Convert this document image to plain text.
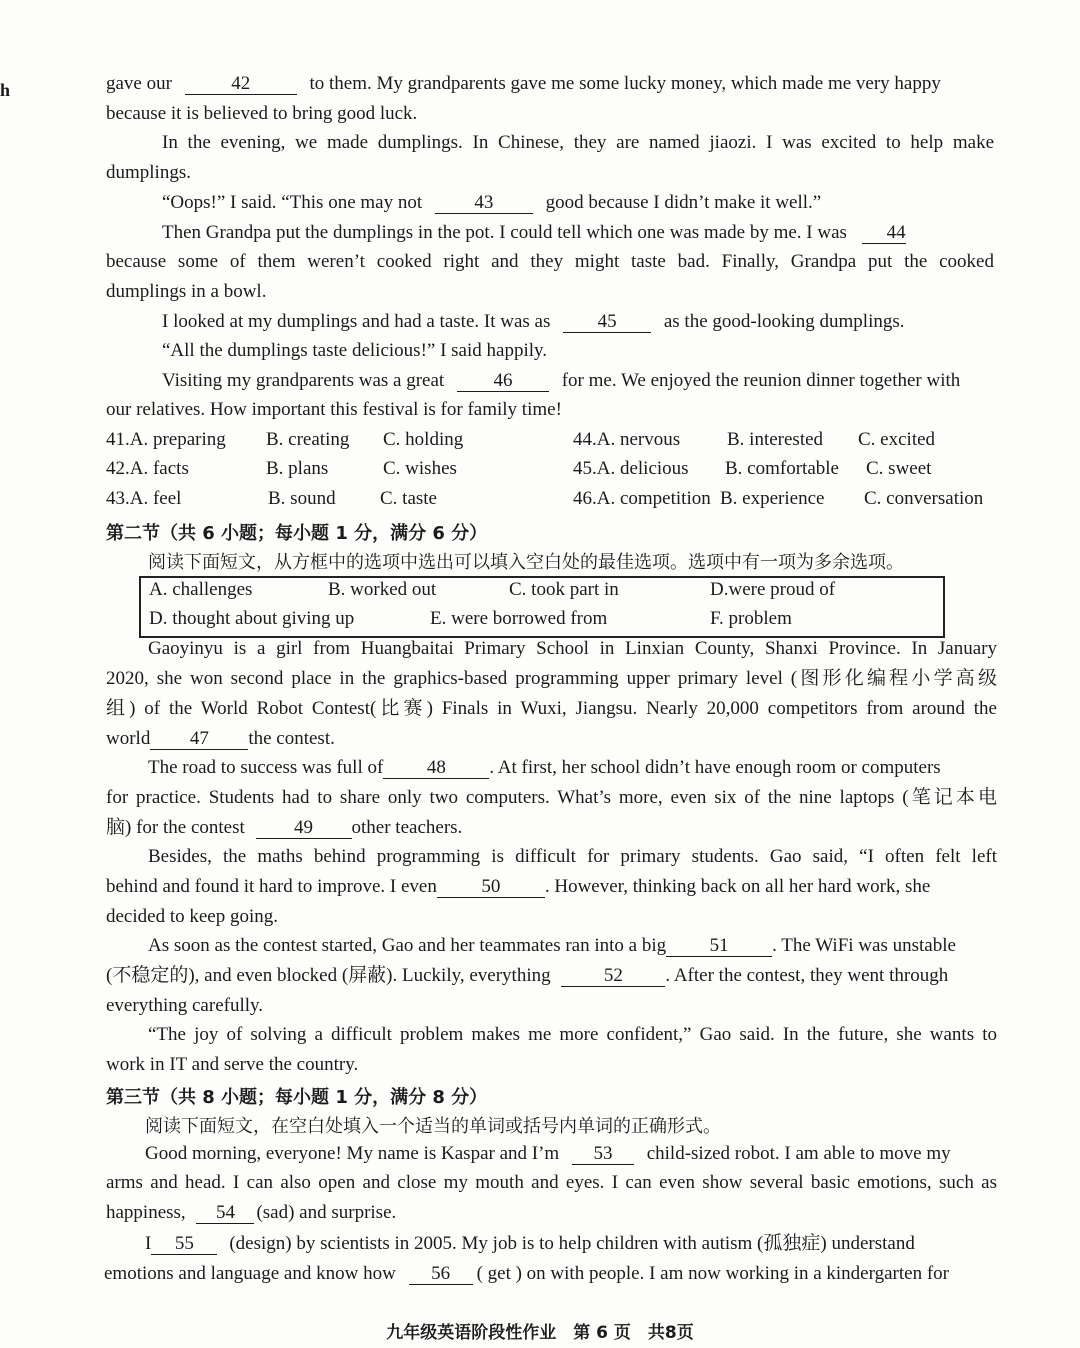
h	gave our	42	to them. My grandparents gave me some lucky money, which made me very happy
because it is believed to bring good luck.
In the evening, we made dumplings. In Chinese, they are named jiaozi. I was excited to help make
dumplings.
“Oops!” I said. “This one may not	43	good because I didn’t make it well.”
Then Grandpa put the dumplings in the pot. I could tell which one was made by me. I was 44
because some of them weren’t cooked right and they might taste bad. Finally, Grandpa put the cooked
dumplings in a bowl.
I looked at my dumplings and had a taste. It was as 45 as the good-looking dumplings.
“All the dumplings taste delicious!” I said happily.
Visiting my grandparents was a great	46	for me. We enjoyed the reunion dinner together with
our relatives. How important this festival is for family time!
41.A. preparing B. creating C. holding	44.A. nervous B. interested C. excited
42.A. facts	B. plans	C. wishes	45.A. delicious B. comfortable C. sweet
43.A. feel	B. sound C. taste	46.A. competition B. experience C. conversation
第二节（共 6 小题；每小题 1 分，满分 6 分）
阅读下面短文，从方框中的选项中选出可以填入空白处的最佳选项。选项中有一项为多余选项。
A. challenges	B. worked out	C. took part in	D.were proud of
D. thought about giving up	E. were borrowed from	F. problem
Gaoyinyu is a girl from Huangbaitai Primary School in Linxian County, Shanxi Province. In January
2020, she won second place in the graphics-based programming upper primary level (图形化编程小学高级
组) of the World Robot Contest(比赛) Finals in Wuxi, Jiangsu. Nearly 20,000 competitors from around the
world 47 the contest.
The road to success was full of 48 . At first, her school didn’t have enough room or computers
for practice. Students had to share only two computers. What’s more, even six of the nine laptops (笔记本电
脑) for the contest	49 other teachers.
Besides, the maths behind programming is difficult for primary students. Gao said, “I often felt left
behind and found it hard to improve. I even 50 . However, thinking back on all her hard work, she
decided to keep going.
As soon as the contest started, Gao and her teammates ran into a big 51 . The WiFi was unstable
(不稳定的), and even blocked (屏蔽). Luckily, everything	52 . After the contest, they went through
everything carefully.
“The joy of solving a difficult problem makes me more confident,” Gao said. In the future, she wants to
work in IT and serve the country.
第三节（共 8 小题；每小题 1 分，满分 8 分）
阅读下面短文，在空白处填入一个适当的单词或括号内单词的正确形式。
Good morning, everyone! My name is Kaspar and I’m 53 child-sized robot. I am able to move my
arms and head. I can also open and close my mouth and eyes. I can even show several basic emotions, such as
happiness, 54 (sad) and surprise.
I 55 (design) by scientists in 2005. My job is to help children with autism (孤独症) understand
emotions and language and know how 56 ( get ) on with people. I am now working in a kindergarten for
九年级英语阶段性作业　第 6 页　共8页
